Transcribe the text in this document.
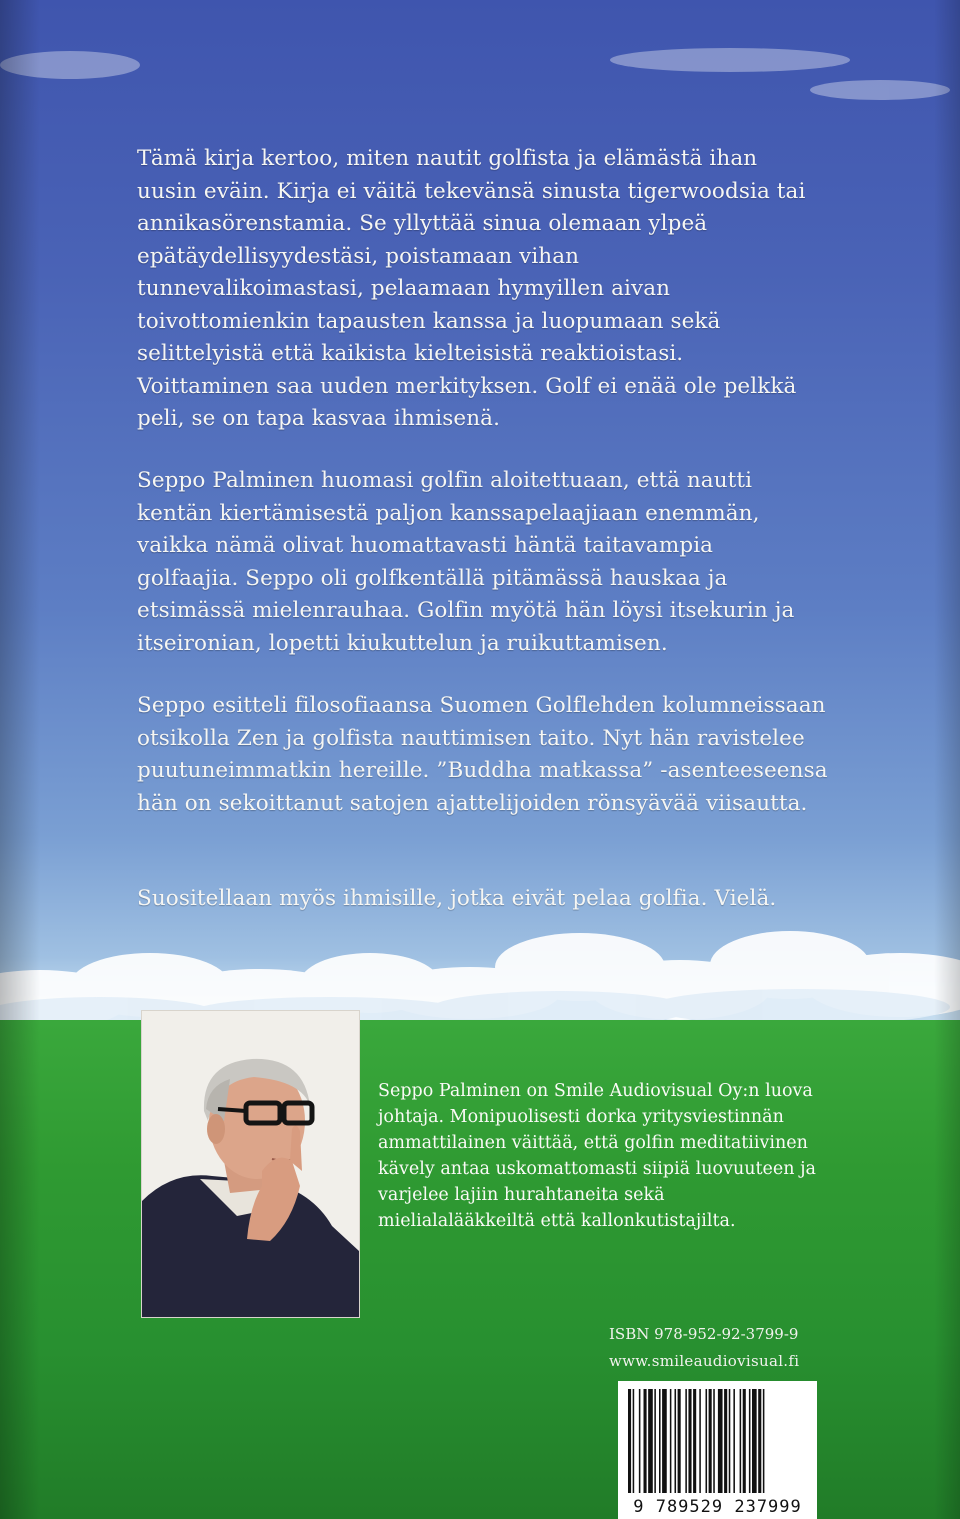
Tämä kirja kertoo, miten nautit golfista ja elämästä ihan uusin eväin. Kirja ei väitä tekevänsä sinusta tigerwoodsia tai annikasörenstamia. Se yllyttää sinua olemaan ylpeä epätäydellisyydestäsi, poistamaan vihan tunnevalikoimastasi, pelaamaan hymyillen aivan toivottomienkin tapausten kanssa ja luopumaan sekä selittelyistä että kaikista kielteisistä reaktioistasi. Voittaminen saa uuden merkityksen. Golf ei enää ole pelkkä peli, se on tapa kasvaa ihmisenä.

Seppo Palminen huomasi golfin aloitettuaan, että nautti kentän kiertämisestä paljon kanssapelaajiaan enemmän, vaikka nämä olivat huomattavasti häntä taitavampia golfaajia. Seppo oli golfkentällä pitämässä hauskaa ja etsimässä mielenrauhaa. Golfin myötä hän löysi itsekurin ja itseironian, lopetti kiukuttelun ja ruikuttamisen.

Seppo esitteli filosofiaansa Suomen Golflehden kolumneissaan otsikolla Zen ja golfista nauttimisen taito. Nyt hän ravistelee puutuneimmatkin hereille. ”Buddha matkassa” -asenteeseensa hän on sekoittanut satojen ajattelijoiden rönsyävää viisautta.

Suositellaan myös ihmisille, jotka eivät pelaa golfia. Vielä.

Seppo Palminen on Smile Audiovisual Oy:n luova johtaja. Monipuolisesti dorka yritysviestinnän ammattilainen väittää, että golfin meditatiivinen kävely antaa uskomattomasti siipiä luovuuteen ja varjelee lajiin hurahtaneita sekä mielialalääkkeiltä että kallonkutistajilta.

ISBN 978-952-92-3799-9

www.smileaudiovisual.fi

9 789529 237999
